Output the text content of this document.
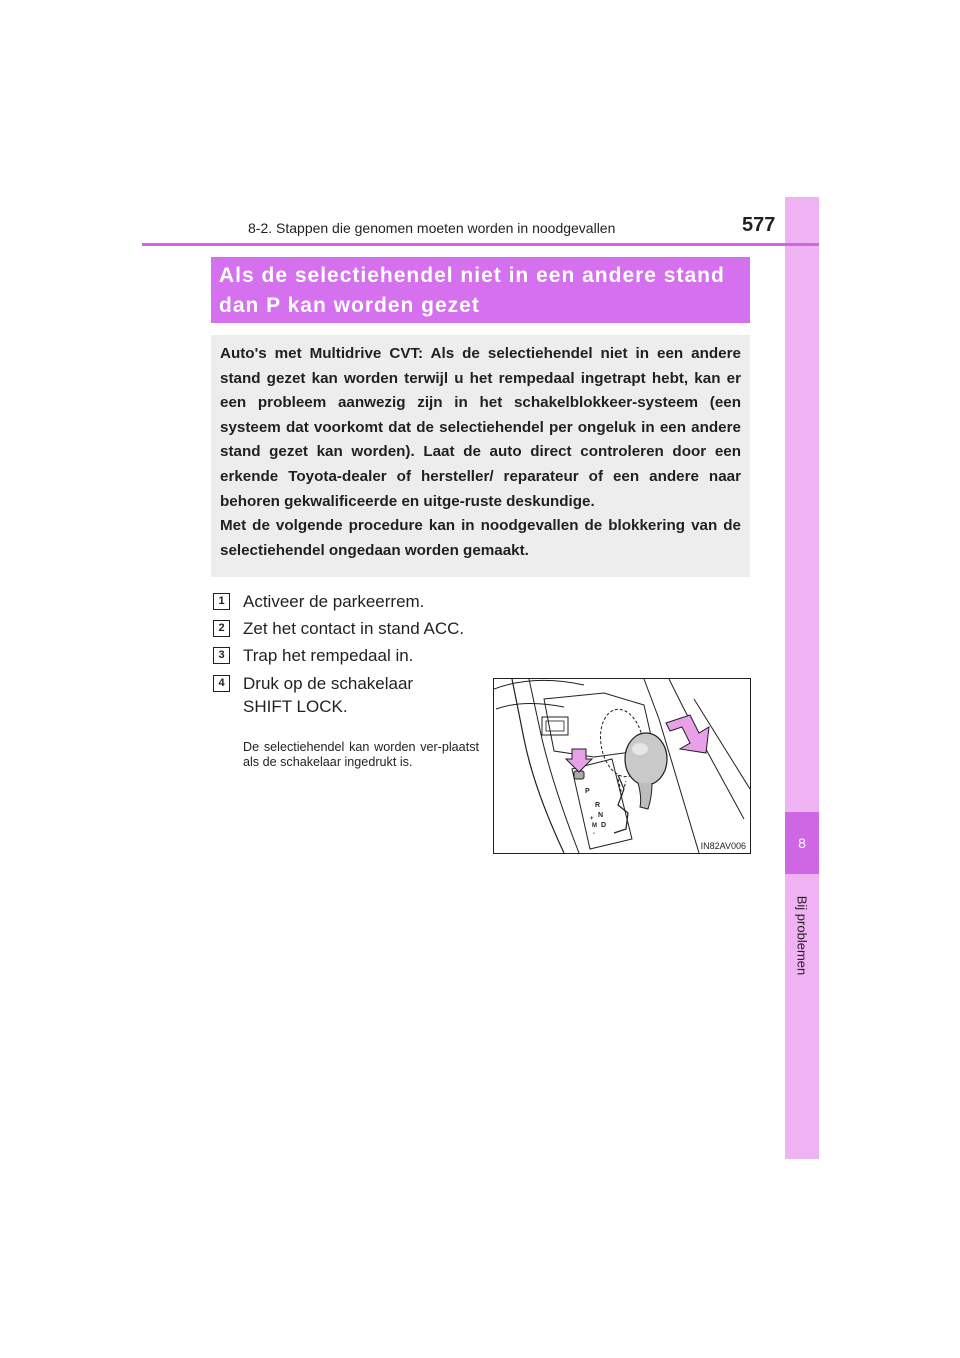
8
Bij problemen
8-2. Stappen die genomen moeten worden in noodgevallen	577
Als de selectiehendel niet in een andere stand dan P kan worden gezet
Auto's met Multidrive CVT: Als de selectiehendel niet in een andere stand gezet kan worden terwijl u het rempedaal ingetrapt hebt, kan er een probleem aanwezig zijn in het schakelblokkeer-systeem (een systeem dat voorkomt dat de selectiehendel per ongeluk in een andere stand gezet kan worden). Laat de auto direct controleren door een erkende Toyota-dealer of hersteller/ reparateur of een andere naar behoren gekwalificeerde en uitge-ruste deskundige.
Met de volgende procedure kan in noodgevallen de blokkering van de selectiehendel ongedaan worden gemaakt.
1	Activeer de parkeerrem.
2	Zet het contact in stand ACC.
3	Trap het rempedaal in.
4	Druk op de schakelaar SHIFT LOCK.
De selectiehendel kan worden ver-plaatst als de schakelaar ingedrukt is.
P
R
N
D
M
+
-
IN82AV006
